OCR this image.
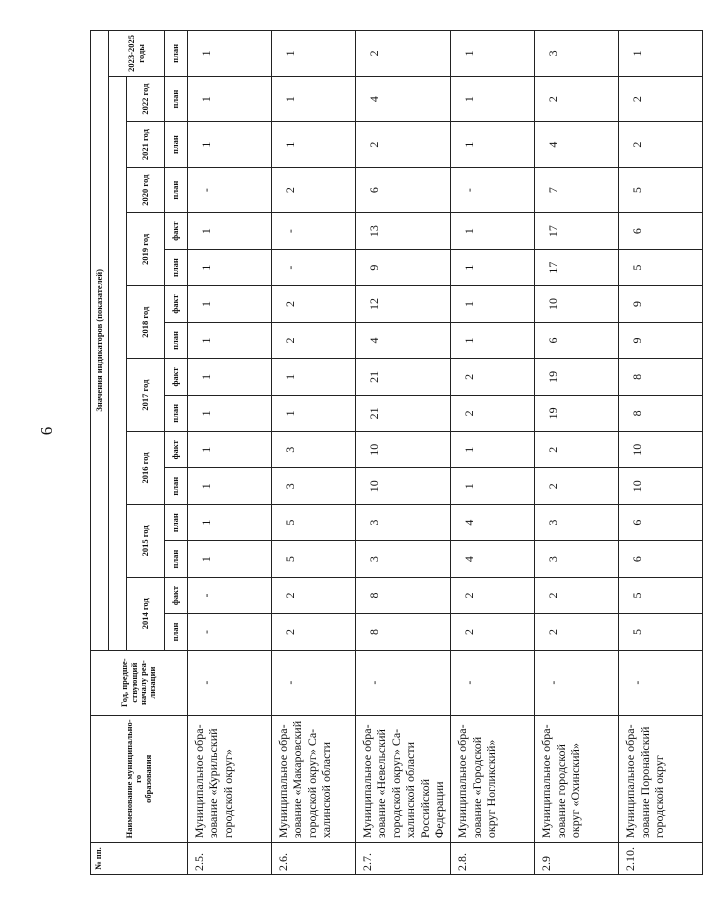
6
№ пп.	Наименование муниципально-го
образования	Год, предше-ствующий началу реа-лизации	Значения индикаторов (показателей)															
																		2023-2025 годы
			2014 год		2015 год		2016 год		2017 год		2018 год		2019 год		2020 год	2021 год	2022 год	
			план	факт	план	план	план	факт	план	факт	план	факт	план	факт	план	план	план	план
2.5.	Муниципальное обра-зование «Курильский городской округ»	-	-	-	1	1	1	1	1	1	1	1	1	1	-	1	1	1
2.6.	Муниципальное обра-зование «Макаровский городской округ» Са-халинской области	-	2	2	5	5	3	3	1	1	2	2	-	-	2	1	1	1
2.7.	Муниципальное обра-зование «Невельский городской округ» Са-халинской области Российской Федерации	-	8	8	3	3	10	10	21	21	4	12	9	13	6	2	4	2
2.8.	Муниципальное обра-зование «Городской округ Ногликский»	-	2	2	4	4	1	1	2	2	1	1	1	1	-	1	1	1
2.9	Муниципальное обра-зование городской округ «Охинский»	-	2	2	3	3	2	2	19	19	6	10	17	17	7	4	2	3
2.10.	Муниципальное обра-зование Поронайский городской округ	-	5	5	6	6	10	10	8	8	9	9	5	6	5	2	2	1
